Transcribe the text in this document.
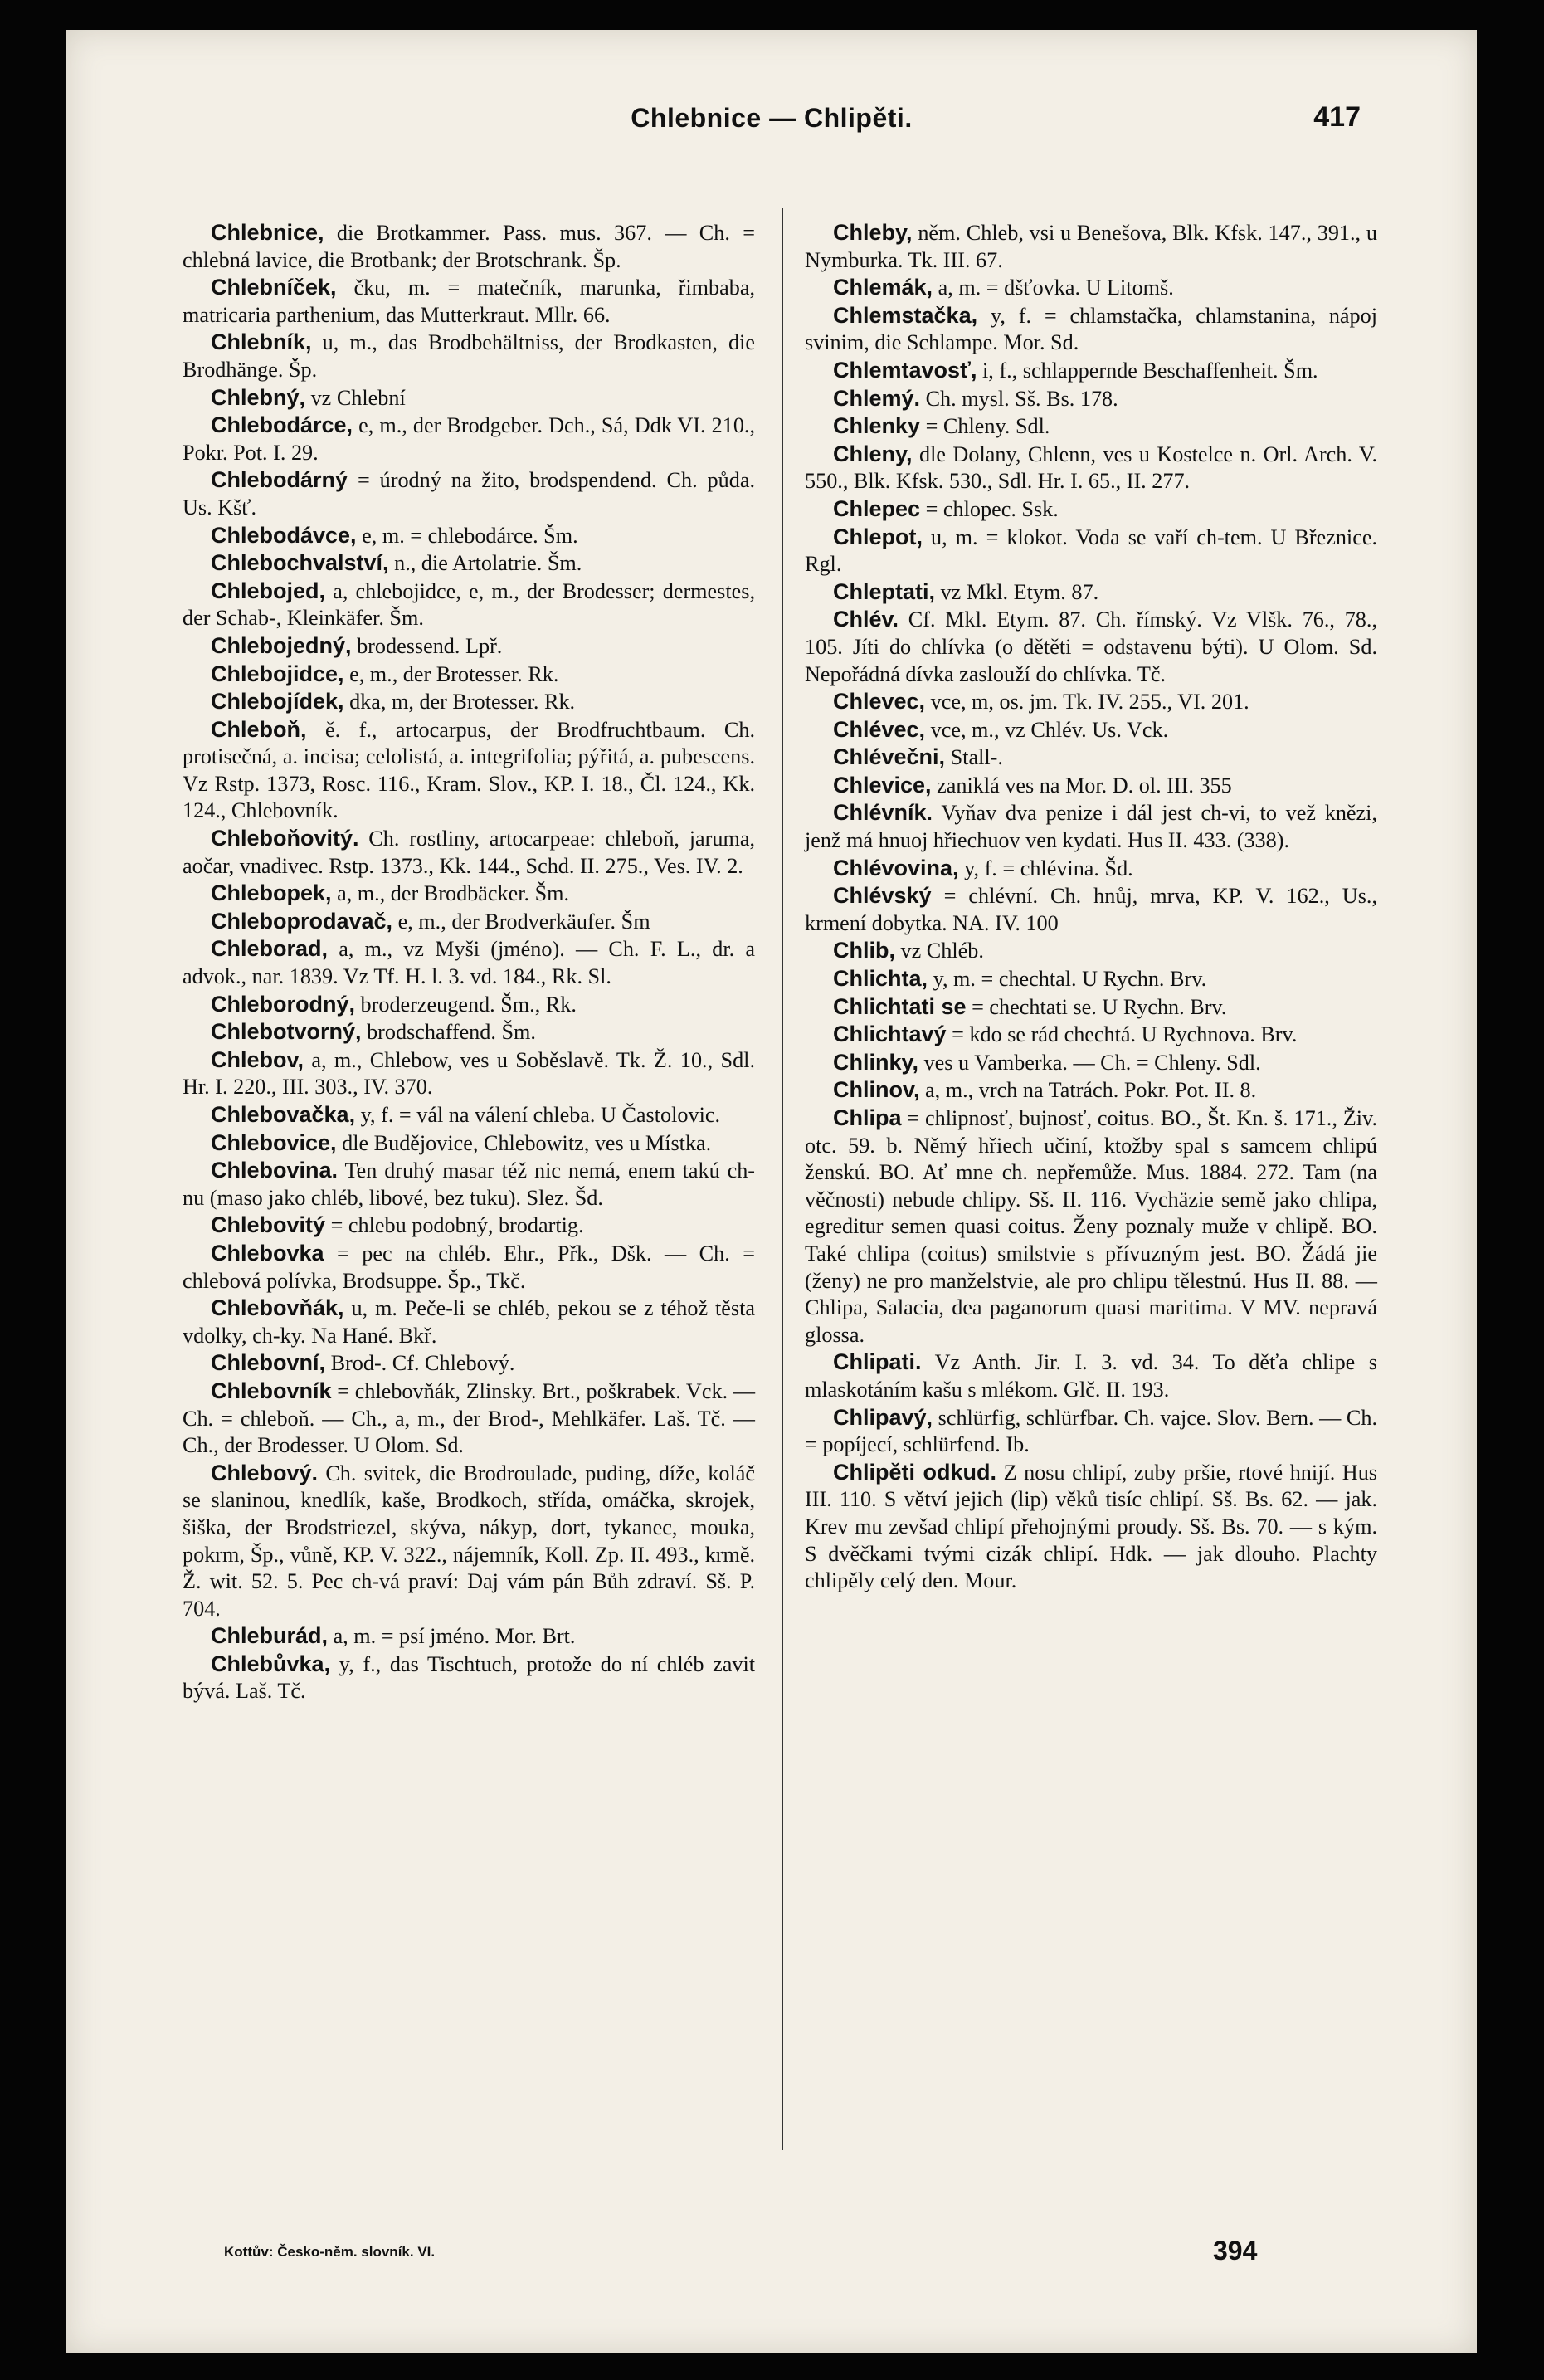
Chlebnice — Chlipěti.	417

Chlebnice, die Brotkammer. Pass. mus. 367. — Ch. = chlebná lavice, die Brotbank; der Brotschrank. Šp.

Chlebníček, čku, m. = matečník, marunka, řimbaba, matricaria parthenium, das Mutterkraut. Mllr. 66.

Chlebník, u, m., das Brodbehältniss, der Brodkasten, die Brodhänge. Šp.

Chlebný, vz Chlební

Chlebodárce, e, m., der Brodgeber. Dch., Sá, Ddk VI. 210., Pokr. Pot. I. 29.

Chlebodárný = úrodný na žito, brodspendend. Ch. půda. Us. Kšť.

Chlebodávce, e, m. = chlebodárce. Šm.

Chlebochvalství, n., die Artolatrie. Šm.

Chlebojed, a, chlebojidce, e, m., der Brodesser; dermestes, der Schab-, Kleinkäfer. Šm.

Chlebojedný, brodessend. Lpř.

Chlebojidce, e, m., der Brotesser. Rk.

Chlebojídek, dka, m, der Brotesser. Rk.

Chleboň, ě. f., artocarpus, der Brodfruchtbaum. Ch. protisečná, a. incisa; celolistá, a. integrifolia; pýřitá, a. pubescens. Vz Rstp. 1373, Rosc. 116., Kram. Slov., KP. I. 18., Čl. 124., Kk. 124., Chlebovník.

Chleboňovitý. Ch. rostliny, artocarpeae: chleboň, jaruma, aočar, vnadivec. Rstp. 1373., Kk. 144., Schd. II. 275., Ves. IV. 2.

Chlebopek, a, m., der Brodbäcker. Šm.

Chleboprodavač, e, m., der Brodverkäufer. Šm

Chleborad, a, m., vz Myši (jméno). — Ch. F. L., dr. a advok., nar. 1839. Vz Tf. H. l. 3. vd. 184., Rk. Sl.

Chleborodný, broderzeugend. Šm., Rk.

Chlebotvorný, brodschaffend. Šm.

Chlebov, a, m., Chlebow, ves u Soběslavě. Tk. Ž. 10., Sdl. Hr. I. 220., III. 303., IV. 370.

Chlebovačka, y, f. = vál na válení chleba. U Častolovic.

Chlebovice, dle Budějovice, Chlebowitz, ves u Místka.

Chlebovina. Ten druhý masar též nic nemá, enem takú ch-nu (maso jako chléb, libové, bez tuku). Slez. Šd.

Chlebovitý = chlebu podobný, brodartig.

Chlebovka = pec na chléb. Ehr., Přk., Dšk. — Ch. = chlebová polívka, Brodsuppe. Šp., Tkč.

Chlebovňák, u, m. Peče-li se chléb, pekou se z téhož těsta vdolky, ch-ky. Na Hané. Bkř.

Chlebovní, Brod-. Cf. Chlebový.

Chlebovník = chlebovňák, Zlinsky. Brt., poškrabek. Vck. — Ch. = chleboň. — Ch., a, m., der Brod-, Mehlkäfer. Laš. Tč. — Ch., der Brodesser. U Olom. Sd.

Chlebový. Ch. svitek, die Brodroulade, puding, díže, koláč se slaninou, knedlík, kaše, Brodkoch, střída, omáčka, skrojek, šiška, der Brodstriezel, skýva, nákyp, dort, tykanec, mouka, pokrm, Šp., vůně, KP. V. 322., nájemník, Koll. Zp. II. 493., krmě. Ž. wit. 52. 5. Pec ch-vá praví: Daj vám pán Bůh zdraví. Sš. P. 704.

Chleburád, a, m. = psí jméno. Mor. Brt.

Chlebůvka, y, f., das Tischtuch, protože do ní chléb zavit bývá. Laš. Tč.

Chleby, něm. Chleb, vsi u Benešova, Blk. Kfsk. 147., 391., u Nymburka. Tk. III. 67.

Chlemák, a, m. = dšťovka. U Litomš.

Chlemstačka, y, f. = chlamstačka, chlamstanina, nápoj svinim, die Schlampe. Mor. Sd.

Chlemtavosť, i, f., schlappernde Beschaffenheit. Šm.

Chlemý. Ch. mysl. Sš. Bs. 178.

Chlenky = Chleny. Sdl.

Chleny, dle Dolany, Chlenn, ves u Kostelce n. Orl. Arch. V. 550., Blk. Kfsk. 530., Sdl. Hr. I. 65., II. 277.

Chlepec = chlopec. Ssk.

Chlepot, u, m. = klokot. Voda se vaří ch-tem. U Březnice. Rgl.

Chleptati, vz Mkl. Etym. 87.

Chlév. Cf. Mkl. Etym. 87. Ch. římský. Vz Vlšk. 76., 78., 105. Jíti do chlívka (o dětěti = odstavenu býti). U Olom. Sd. Nepořádná dívka zaslouží do chlívka. Tč.

Chlevec, vce, m, os. jm. Tk. IV. 255., VI. 201.

Chlévec, vce, m., vz Chlév. Us. Vck.

Chlévečni, Stall-.

Chlevice, zaniklá ves na Mor. D. ol. III. 355

Chlévník. Vyňav dva penize i dál jest ch-vi, to vež knězi, jenž má hnuoj hřiechuov ven kydati. Hus II. 433. (338).

Chlévovina, y, f. = chlévina. Šd.

Chlévský = chlévní. Ch. hnůj, mrva, KP. V. 162., Us., krmení dobytka. NA. IV. 100

Chlib, vz Chléb.

Chlichta, y, m. = chechtal. U Rychn. Brv.

Chlichtati se = chechtati se. U Rychn. Brv.

Chlichtavý = kdo se rád chechtá. U Rychnova. Brv.

Chlinky, ves u Vamberka. — Ch. = Chleny. Sdl.

Chlinov, a, m., vrch na Tatrách. Pokr. Pot. II. 8.

Chlipa = chlipnosť, bujnosť, coitus. BO., Št. Kn. š. 171., Živ. otc. 59. b. Němý hřiech učiní, ktožby spal s samcem chlipú ženskú. BO. Ať mne ch. nepřemůže. Mus. 1884. 272. Tam (na věčnosti) nebude chlipy. Sš. II. 116. Vychäzie semě jako chlipa, egreditur semen quasi coitus. Ženy poznaly muže v chlipě. BO. Také chlipa (coitus) smilstvie s přívuzným jest. BO. Žádá jie (ženy) ne pro manželstvie, ale pro chlipu tělestnú. Hus II. 88. — Chlipa, Salacia, dea paganorum quasi maritima. V MV. nepravá glossa.

Chlipati. Vz Anth. Jir. I. 3. vd. 34. To děťa chlipe s mlaskotáním kašu s mlékom. Glč. II. 193.

Chlipavý, schlürfig, schlürfbar. Ch. vajce. Slov. Bern. — Ch. = popíjecí, schlürfend. Ib.

Chlipěti odkud. Z nosu chlipí, zuby pršie, rtové hnijí. Hus III. 110. S větví jejich (lip) věků tisíc chlipí. Sš. Bs. 62. — jak. Krev mu zevšad chlipí přehojnými proudy. Sš. Bs. 70. — s kým. S dvěčkami tvými cizák chlipí. Hdk. — jak dlouho. Plachty chlipěly celý den. Mour.

Kottův: Česko-něm. slovník. VI.	394
